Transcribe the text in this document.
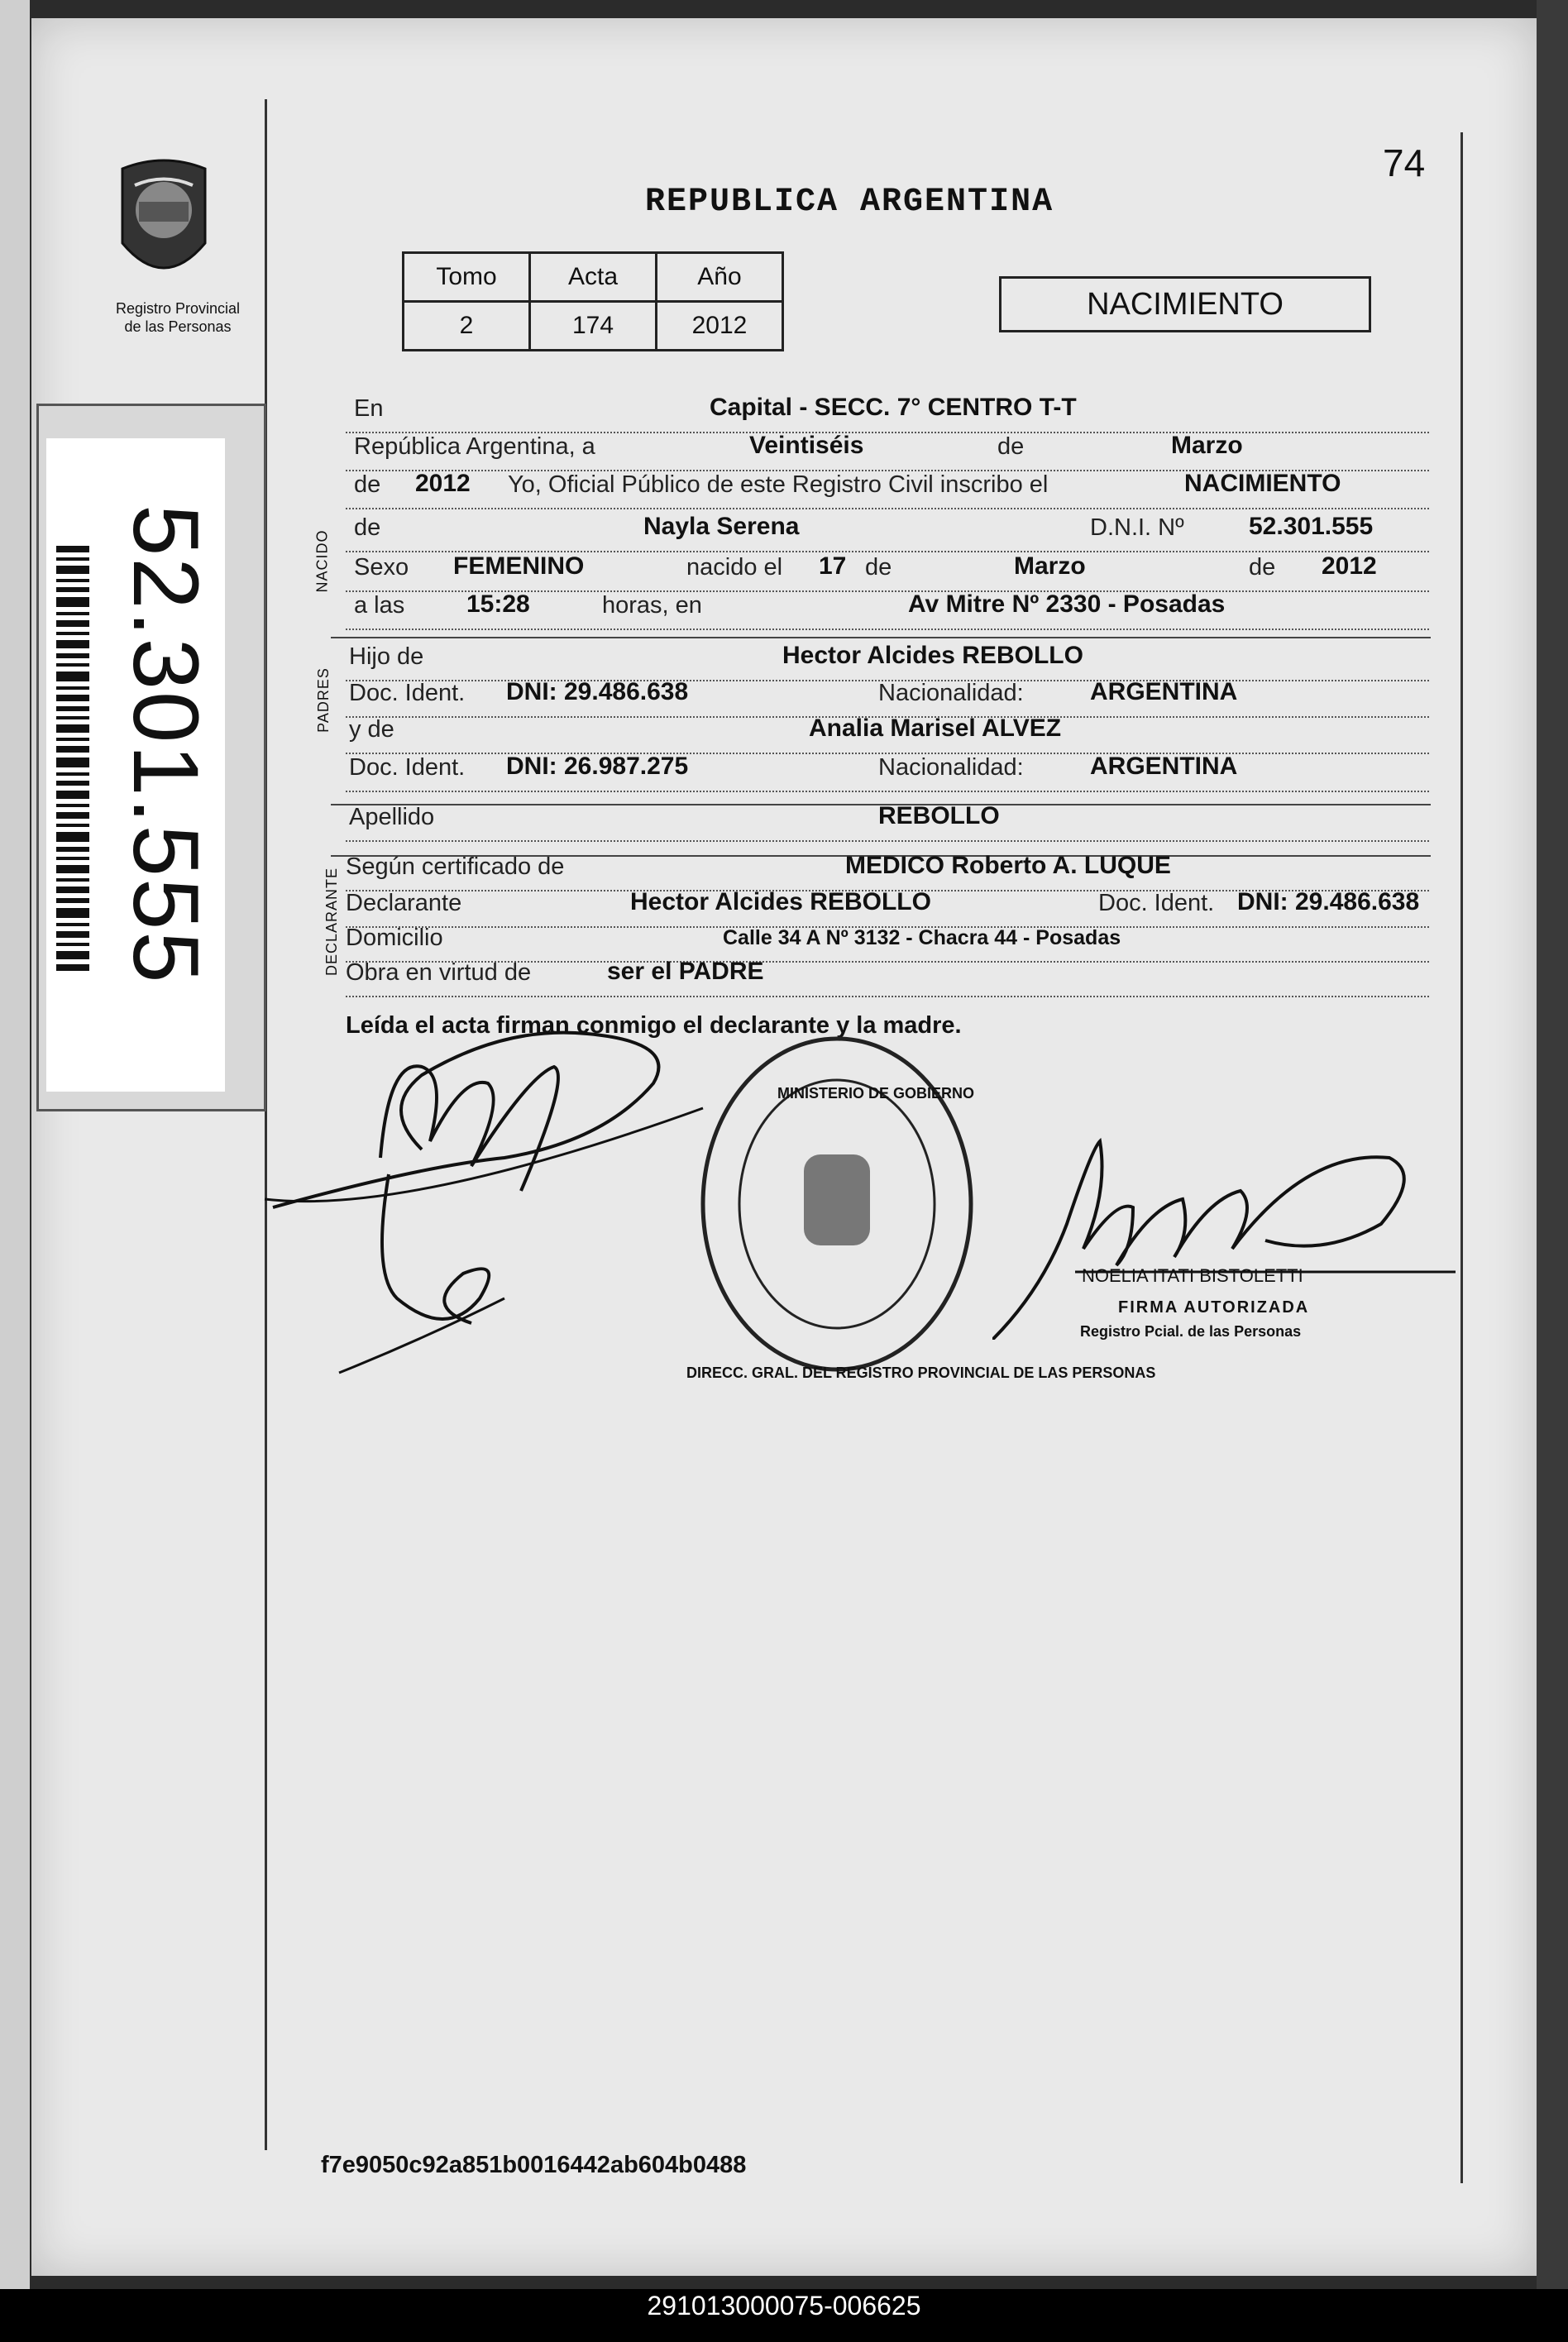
Registro Provincial
de las Personas
REPUBLICA ARGENTINA
74
Tomo	Acta	Año
2	174	2012
NACIMIENTO
52.301.555	NACIDO
PADRES
DECLARANTE
En	Capital - SECC. 7° CENTRO T-T
República Argentina, a	Veintiséis	de	Marzo
de 2012 Yo, Oficial Público de este Registro Civil inscribo el	NACIMIENTO
de	Nayla Serena	D.N.I. Nº	52.301.555
Sexo FEMENINO	nacido el 17 de	Marzo	de 2012
a las 15:28	horas, en	Av Mitre Nº 2330 - Posadas
Hijo de	Hector Alcides REBOLLO
Doc. Ident. DNI: 29.486.638	Nacionalidad:	ARGENTINA
y de	Analia Marisel ALVEZ
Doc. Ident. DNI: 26.987.275	Nacionalidad:	ARGENTINA
Apellido	REBOLLO
Según certificado de	MEDICO Roberto A. LUQUE
Declarante	Hector Alcides REBOLLO	Doc. Ident. DNI: 29.486.638
Domicilio	Calle 34 A Nº 3132 - Chacra 44 - Posadas
Obra en virtud de	ser el PADRE
Leída el acta firman conmigo el declarante y la madre.
MINISTERIO DE GOBIERNO
DIRECC. GRAL. DEL REGISTRO PROVINCIAL DE LAS PERSONAS
NOELIA ITATI BISTOLETTI
FIRMA AUTORIZADA
Registro Pcial. de las Personas
f7e9050c92a851b0016442ab604b0488
291013000075-006625
